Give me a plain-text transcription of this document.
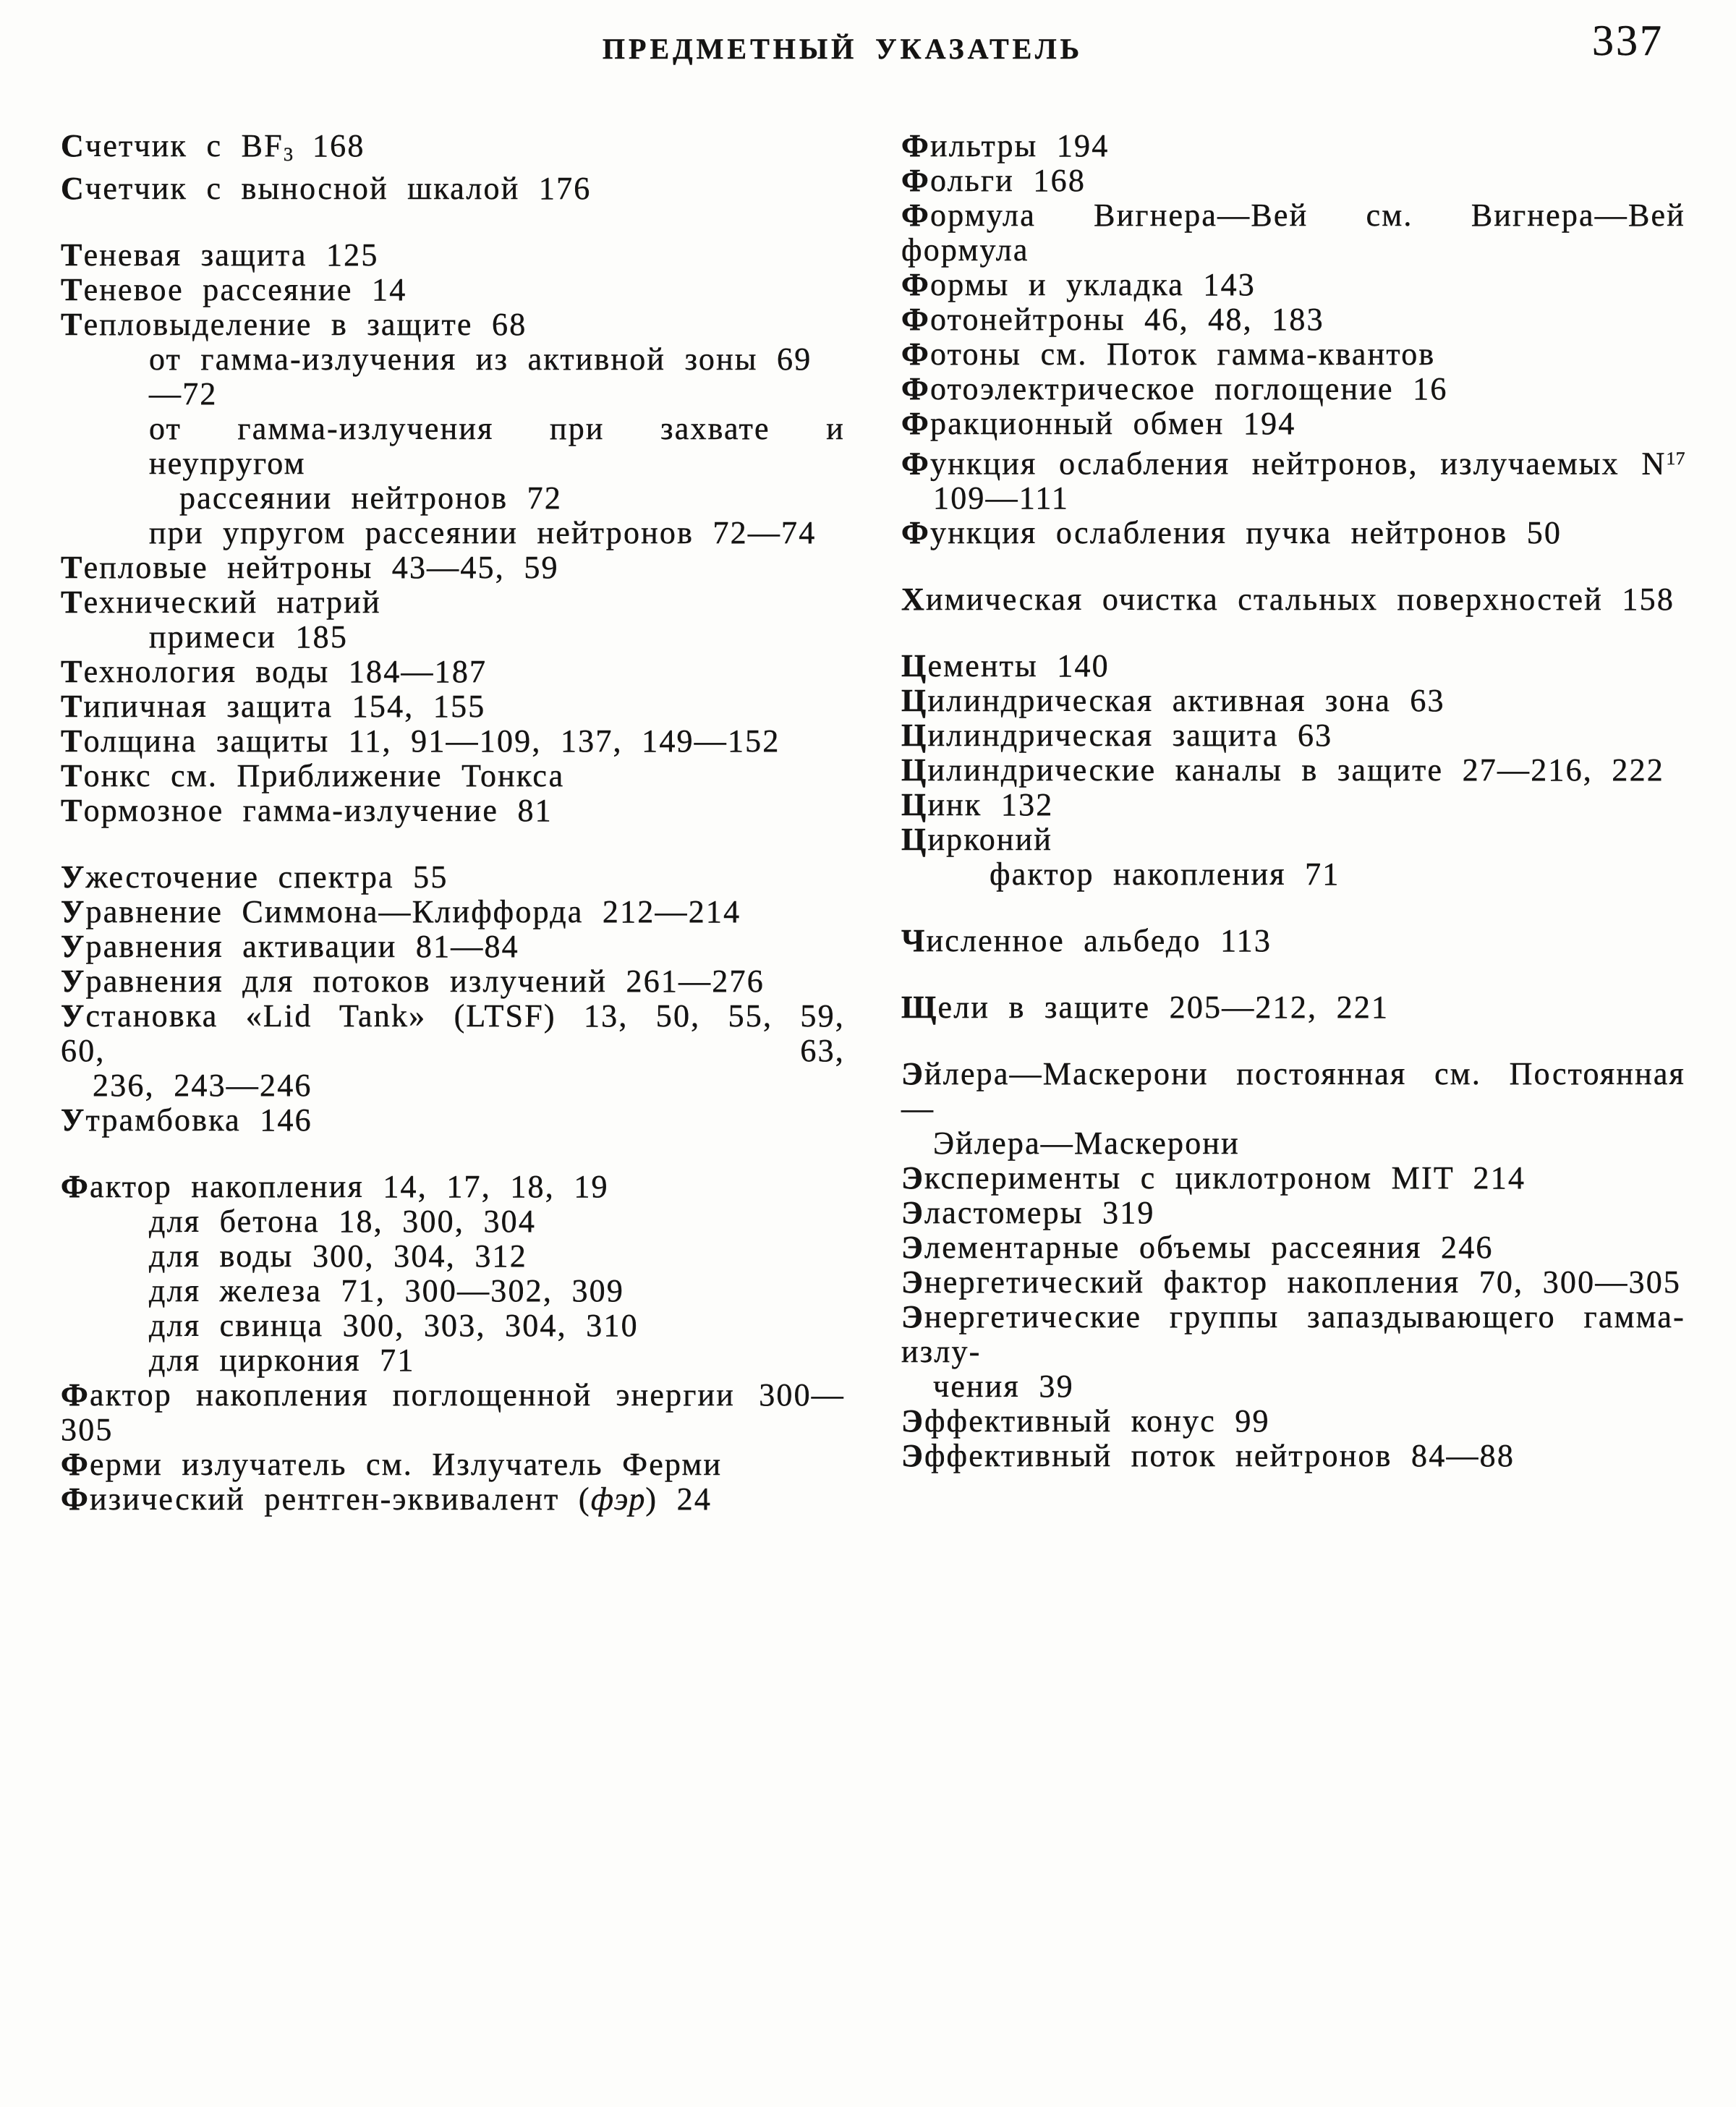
ПРЕДМЕТНЫЙ УКАЗАТЕЛЬ	337
Счетчик с $BF_3$ 168
Счетчик с выносной шкалой 176
Теневая защита 125
Теневое рассеяние 14
Тепловыделение в защите 68
от гамма-излучения из активной зоны 69—72
от гамма-излучения при захвате и неупругом
рассеянии нейтронов 72
при упругом рассеянии нейтронов 72—74
Тепловые нейтроны 43—45, 59
Технический натрий
примеси 185
Технология воды 184—187
Типичная защита 154, 155
Толщина защиты 11, 91—109, 137, 149—152
Тонкс см. Приближение Тонкса
Тормозное гамма-излучение 81
Ужесточение спектра 55
Уравнение Симмона—Клиффорда 212—214
Уравнения активации 81—84
Уравнения для потоков излучений 261—276
Установка «Lid Tank» (LTSF) 13, 50, 55, 59, 60, 63,
236, 243—246
Утрамбовка 146
Фактор накопления 14, 17, 18, 19
для бетона 18, 300, 304
для воды 300, 304, 312
для железа 71, 300—302, 309
для свинца 300, 303, 304, 310
для циркония 71
Фактор накопления поглощенной энергии 300—305
Ферми излучатель см. Излучатель Ферми
Физический рентген-эквивалент (фэр) 24
Фильтры 194
Фольги 168
Формула Вигнера—Вей см. Вигнера—Вей формула
Формы и укладка 143
Фотонейтроны 46, 48, 183
Фотоны см. Поток гамма-квантов
Фотоэлектрическое поглощение 16
Фракционный обмен 194
Функция ослабления нейтронов, излучаемых $N^{17}$
109—111
Функция ослабления пучка нейтронов 50
Химическая очистка стальных поверхностей 158
Цементы 140
Цилиндрическая активная зона 63
Цилиндрическая защита 63
Цилиндрические каналы в защите 27—216, 222
Цинк 132
Цирконий
фактор накопления 71
Численное альбедо 113
Щели в защите 205—212, 221
Эйлера—Маскерони постоянная см. Постоянная—
Эйлера—Маскерони
Эксперименты с циклотроном MIT 214
Эластомеры 319
Элементарные объемы рассеяния 246
Энергетический фактор накопления 70, 300—305
Энергетические группы запаздывающего гамма-излу-
чения 39
Эффективный конус 99
Эффективный поток нейтронов 84—88
